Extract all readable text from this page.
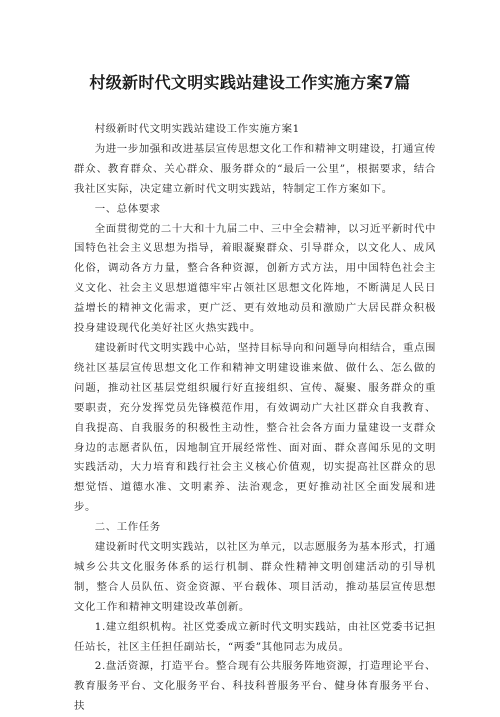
村级新时代文明实践站建设工作实施方案7篇

村级新时代文明实践站建设工作实施方案1

为进一步加强和改进基层宣传思想文化工作和精神文明建设，打通宣传群众、教育群众、关心群众、服务群众的“最后一公里”，根据要求，结合我社区实际，决定建立新时代文明实践站，特制定工作方案如下。

一、总体要求

全面贯彻党的二十大和十九届二中、三中全会精神，以习近平新时代中国特色社会主义思想为指导，着眼凝聚群众、引导群众，以文化人、成风化俗，调动各方力量，整合各种资源，创新方式方法，用中国特色社会主义文化、社会主义思想道德牢牢占领社区思想文化阵地，不断满足人民日益增长的精神文化需求，更广泛、更有效地动员和激励广大居民群众积极投身建设现代化美好社区火热实践中。

建设新时代文明实践中心站，坚持目标导向和问题导向相结合，重点围绕社区基层宣传思想文化工作和精神文明建设谁来做、做什么、怎么做的问题，推动社区基层党组织履行好直接组织、宣传、凝聚、服务群众的重要职责，充分发挥党员先锋模范作用，有效调动广大社区群众自我教育、自我提高、自我服务的积极性主动性，整合社会各方面力量建设一支群众身边的志愿者队伍，因地制宜开展经常性、面对面、群众喜闻乐见的文明实践活动，大力培育和践行社会主义核心价值观，切实提高社区群众的思想觉悟、道德水准、文明素养、法治观念，更好推动社区全面发展和进步。

二、工作任务

建设新时代文明实践站，以社区为单元，以志愿服务为基本形式，打通城乡公共文化服务体系的运行机制、群众性精神文明创建活动的引导机制，整合人员队伍、资金资源、平台载体、项目活动，推动基层宣传思想文化工作和精神文明建设改革创新。

1.建立组织机构。社区党委成立新时代文明实践站，由社区党委书记担任站长，社区主任担任副站长，“两委”其他同志为成员。

2.盘活资源，打造平台。整合现有公共服务阵地资源，打造理论平台、教育服务平台、文化服务平台、科技科普服务平台、健身体育服务平台、扶
